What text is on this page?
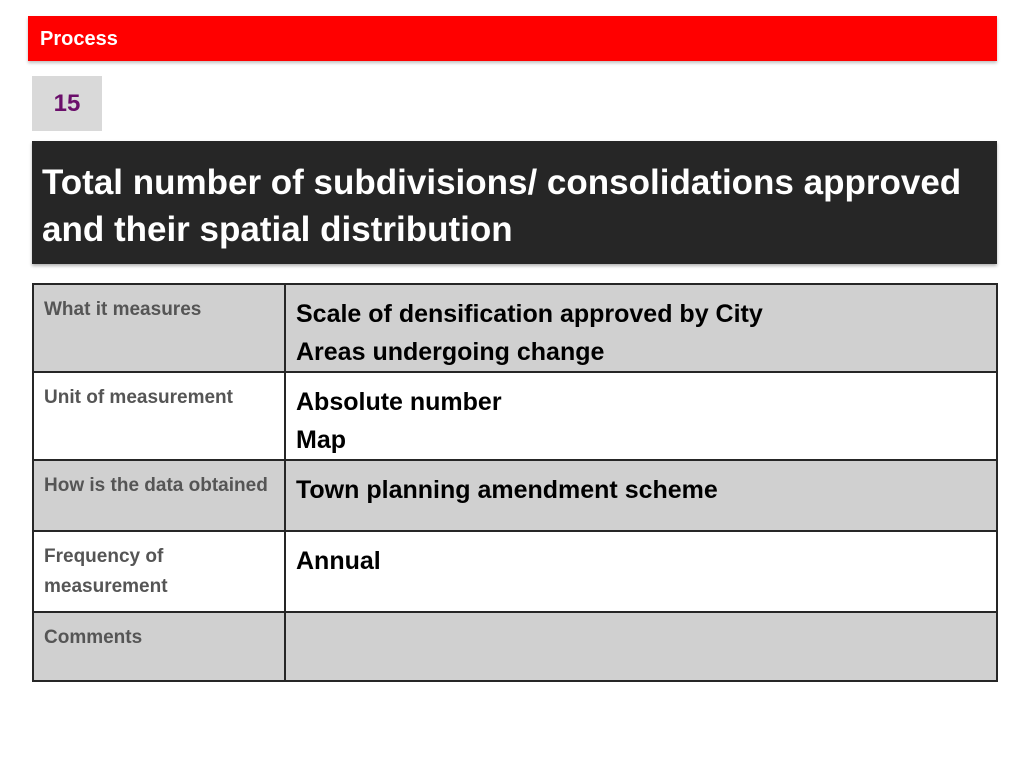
Process
15
Total number of subdivisions/ consolidations approved and their spatial distribution
What it measures	Scale of densification approved by City
Areas undergoing change

Unit of measurement	Absolute number
Map

How is the data obtained	Town planning amendment scheme

Frequency of measurement	Annual

Comments	
